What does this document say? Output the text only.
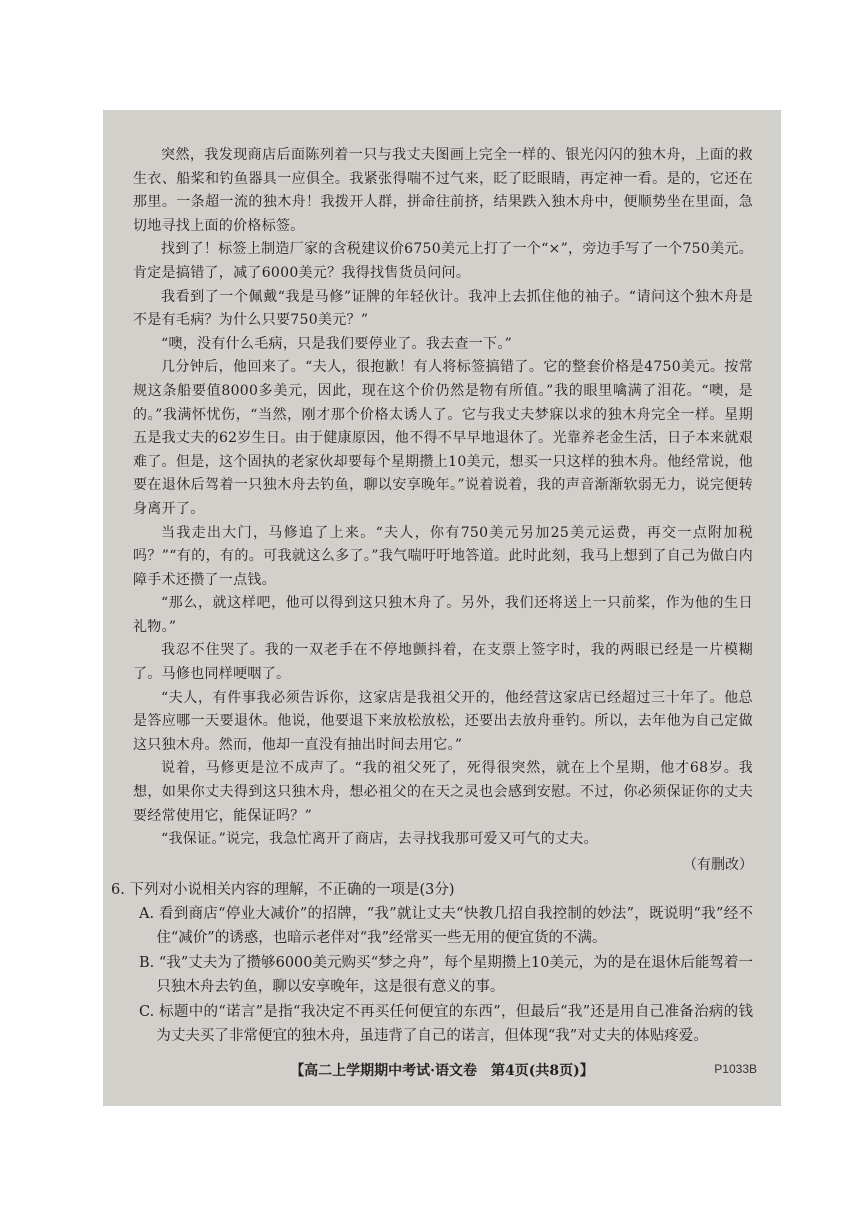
突然，我发现商店后面陈列着一只与我丈夫图画上完全一样的、银光闪闪的独木舟，上面的救生衣、船桨和钓鱼器具一应俱全。我紧张得喘不过气来，眨了眨眼睛，再定神一看。是的，它还在那里。一条超一流的独木舟！我拨开人群，拼命往前挤，结果跌入独木舟中，便顺势坐在里面，急切地寻找上面的价格标签。

找到了！标签上制造厂家的含税建议价6750美元上打了一个“×”，旁边手写了一个750美元。肯定是搞错了，减了6000美元？我得找售货员问问。

我看到了一个佩戴“我是马修”证牌的年轻伙计。我冲上去抓住他的袖子。“请问这个独木舟是不是有毛病？为什么只要750美元？”

“噢，没有什么毛病，只是我们要停业了。我去查一下。”

几分钟后，他回来了。“夫人，很抱歉！有人将标签搞错了。它的整套价格是4750美元。按常规这条船要值8000多美元，因此，现在这个价仍然是物有所值。”我的眼里噙满了泪花。“噢，是的。”我满怀忧伤，“当然，刚才那个价格太诱人了。它与我丈夫梦寐以求的独木舟完全一样。星期五是我丈夫的62岁生日。由于健康原因，他不得不早早地退休了。光靠养老金生活，日子本来就艰难了。但是，这个固执的老家伙却要每个星期攒上10美元，想买一只这样的独木舟。他经常说，他要在退休后驾着一只独木舟去钓鱼，聊以安享晚年。”说着说着，我的声音渐渐软弱无力，说完便转身离开了。

当我走出大门，马修追了上来。“夫人，你有750美元另加25美元运费，再交一点附加税吗？”“有的，有的。可我就这么多了。”我气喘吁吁地答道。此时此刻，我马上想到了自己为做白内障手术还攒了一点钱。

“那么，就这样吧，他可以得到这只独木舟了。另外，我们还将送上一只前桨，作为他的生日礼物。”

我忍不住哭了。我的一双老手在不停地颤抖着，在支票上签字时，我的两眼已经是一片模糊了。马修也同样哽咽了。

“夫人，有件事我必须告诉你，这家店是我祖父开的，他经营这家店已经超过三十年了。他总是答应哪一天要退休。他说，他要退下来放松放松，还要出去放舟垂钓。所以，去年他为自己定做这只独木舟。然而，他却一直没有抽出时间去用它。”

说着，马修更是泣不成声了。“我的祖父死了，死得很突然，就在上个星期，他才68岁。我想，如果你丈夫得到这只独木舟，想必祖父的在天之灵也会感到安慰。不过，你必须保证你的丈夫要经常使用它，能保证吗？”

“我保证。”说完，我急忙离开了商店，去寻找我那可爱又可气的丈夫。

（有删改）
6. 下列对小说相关内容的理解，不正确的一项是(3分)
A. 看到商店“停业大减价”的招牌，“我”就让丈夫“快教几招自我控制的妙法”，既说明“我”经不住“减价”的诱惑，也暗示老伴对“我”经常买一些无用的便宜货的不满。
B. “我”丈夫为了攒够6000美元购买“梦之舟”，每个星期攒上10美元，为的是在退休后能驾着一只独木舟去钓鱼，聊以安享晚年，这是很有意义的事。
C. 标题中的“诺言”是指“我决定不再买任何便宜的东西”，但最后“我”还是用自己准备治病的钱为丈夫买了非常便宜的独木舟，虽违背了自己的诺言，但体现“我”对丈夫的体贴疼爱。
【高二上学期期中考试·语文卷　第4页(共8页)】	P1033B
